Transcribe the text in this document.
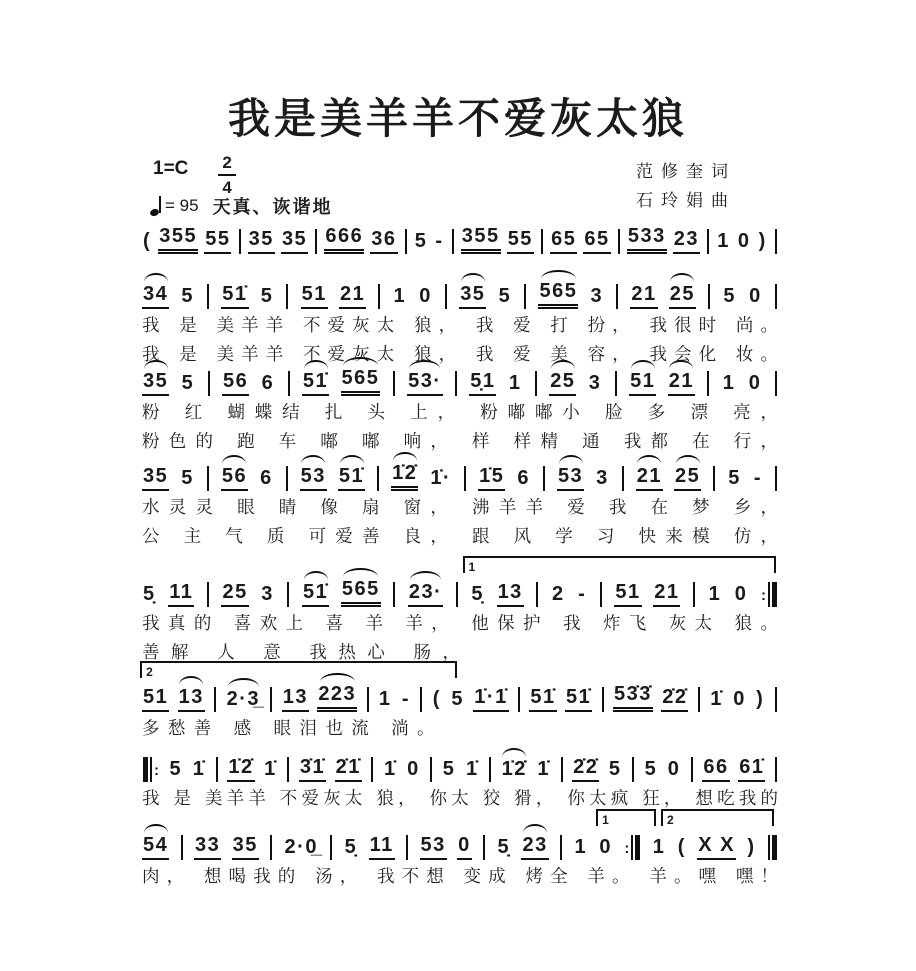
我是美羊羊不爱灰太狼
$1=C \frac{2}{4}$
= 95 天真、诙谐地
范修奎词
石玲娟曲
( 355 55 35 35 666 36 5 - 355 55 65 65 533 23 1 0 )
34 5 51̇ 5 51 21 1 0 35 5 565 3 21 25 5 0
我 是 美羊羊 不爱灰太 狼， 我 爱 打 扮， 我很时 尚。
我 是 美羊羊 不爱灰太 狼， 我 爱 美 容， 我会化 妆。
35 5 56 6 51̇ 565 53· 5̣1 1 25 3 51 21 1 0
粉 红 蝴蝶结 扎 头 上， 粉嘟嘟小 脸 多 漂 亮，
粉色的 跑 车 嘟 嘟 响， 样 样精 通 我都 在 行，
35 5 56 6 53 51̇ 1̇2̇ 1̇· 1̇5 6 53 3 21 25 5 -
水灵灵 眼 睛 像 扇 窗， 沸羊羊 爱 我 在 梦 乡，
公 主 气 质 可爱善 良， 跟 风 学 习 快来模 仿，
1
5̣ 11 25 3 51̇ 565 23· 5̣ 13 2 - 51 21 1 0 :
我真的 喜欢上 喜 羊 羊， 他保护 我 炸飞 灰太 狼。
善解 人 意 我热心 肠，
2
51 13 2·3̲ 13 223 1 - ( 5 1̇·1̇ 51̇ 51̇ 53̇3̇ 2̇2̇ 1̇ 0 )
多愁善 感 眼泪也流 淌。
: 5 1̇ 1̇2̇ 1̇ 3̇1̇ 2̇1̇ 1̇ 0 5 1̇ 1̇2̇ 1̇ 2̇2̇ 5 5 0 66 61̇
我 是 美羊羊 不爱灰太 狼， 你太 狡 猾， 你太疯 狂， 想吃我的
1	2
54 33 35 2·0̲ 5̣ 11 53 0 5̣ 23 1 0 : 1 ( X X )
肉， 想喝我的 汤， 我不想 变成 烤全 羊。 羊。嘿 嘿！
